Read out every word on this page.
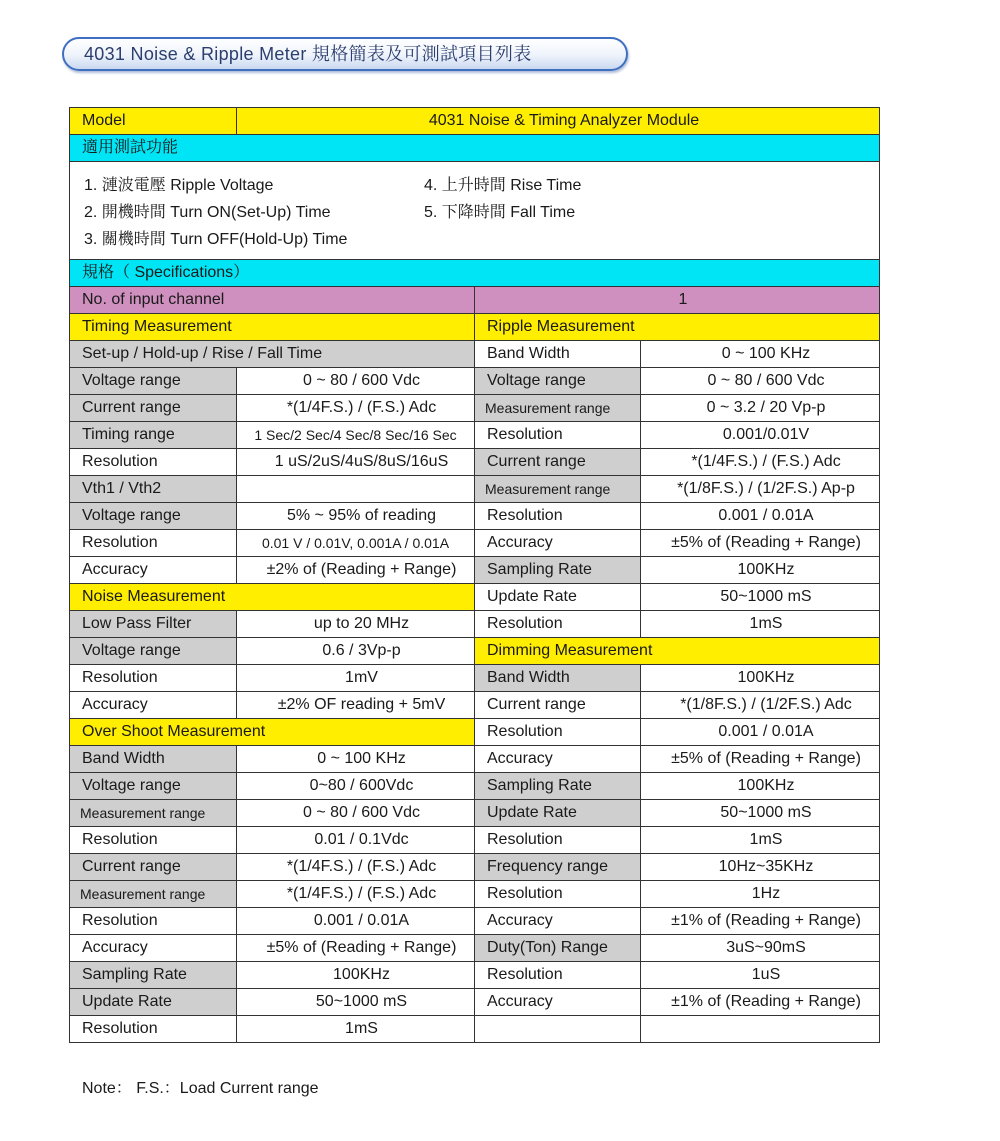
4031 Noise & Ripple Meter 規格簡表及可測試項目列表
Model	4031 Noise & Timing Analyzer Module		
適用測試功能			

1. 漣波電壓 Ripple Voltage
2. 開機時間 Turn ON(Set-Up) Time
3. 關機時間 Turn OFF(Hold-Up) Time
4. 上升時間 Rise Time
5. 下降時間 Fall Time			

規格（ Specifications）			
No. of input channel		1	
Timing Measurement		Ripple Measurement	
Set-up / Hold-up / Rise / Fall Time		Band Width	0 ~ 100 KHz
Voltage range	0 ~ 80 / 600 Vdc	Voltage range	0 ~ 80 / 600 Vdc
Current range	*(1/4F.S.) / (F.S.) Adc	Measurement range	0 ~ 3.2 / 20 Vp-p
Timing range	1 Sec/2 Sec/4 Sec/8 Sec/16 Sec	Resolution	0.001/0.01V
Resolution	1 uS/2uS/4uS/8uS/16uS	Current range	*(1/4F.S.) / (F.S.) Adc
Vth1 / Vth2		Measurement range	*(1/8F.S.) / (1/2F.S.) Ap-p
Voltage range	5% ~ 95% of reading	Resolution	0.001 / 0.01A
Resolution	0.01 V / 0.01V, 0.001A / 0.01A	Accuracy	±5% of (Reading + Range)
Accuracy	±2% of (Reading + Range)	Sampling Rate	100KHz
Noise Measurement		Update Rate	50~1000 mS
Low Pass Filter	up to 20 MHz	Resolution	1mS
Voltage range	0.6 / 3Vp-p	Dimming Measurement	
Resolution	1mV	Band Width	100KHz
Accuracy	±2% OF reading + 5mV	Current range	*(1/8F.S.) / (1/2F.S.) Adc
Over Shoot Measurement		Resolution	0.001 / 0.01A
Band Width	0 ~ 100 KHz	Accuracy	±5% of (Reading + Range)
Voltage range	0~80 / 600Vdc	Sampling Rate	100KHz
Measurement range	0 ~ 80 / 600 Vdc	Update Rate	50~1000 mS
Resolution	0.01 / 0.1Vdc	Resolution	1mS
Current range	*(1/4F.S.) / (F.S.) Adc	Frequency range	10Hz~35KHz
Measurement range	*(1/4F.S.) / (F.S.) Adc	Resolution	1Hz
Resolution	0.001 / 0.01A	Accuracy	±1% of (Reading + Range)
Accuracy	±5% of (Reading + Range)	Duty(Ton) Range	3uS~90mS
Sampling Rate	100KHz	Resolution	1uS
Update Rate	50~1000 mS	Accuracy	±1% of (Reading + Range)
Resolution	1mS		
Note： F.S.：Load Current range
